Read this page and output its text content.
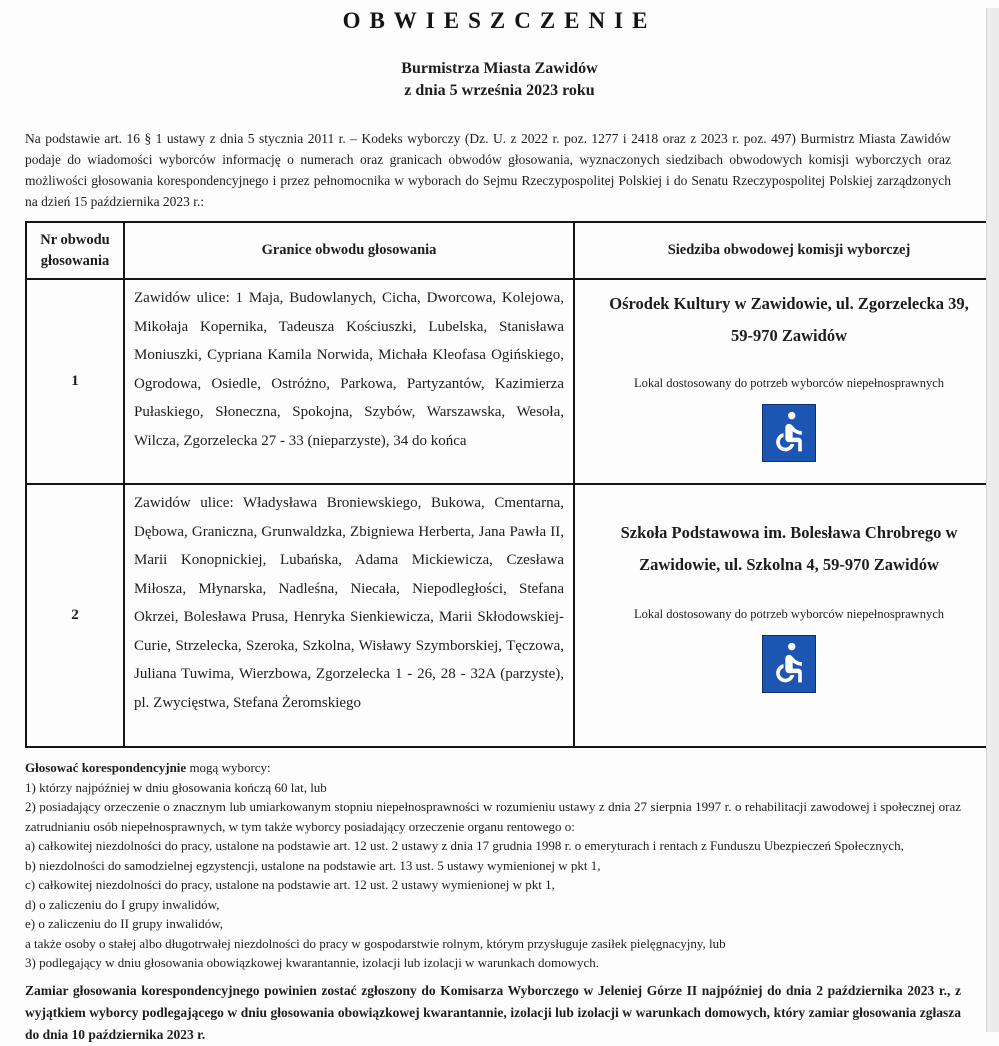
OBWIESZCZENIE
Burmistrza Miasta Zawidów
z dnia 5 września 2023 roku
Na podstawie art. 16 § 1 ustawy z dnia 5 stycznia 2011 r. – Kodeks wyborczy (Dz. U. z 2022 r. poz. 1277 i 2418 oraz z 2023 r. poz. 497) Burmistrz Miasta Zawidów podaje do wiadomości wyborców informację o numerach oraz granicach obwodów głosowania, wyznaczonych siedzibach obwodowych komisji wyborczych oraz możliwości głosowania korespondencyjnego i przez pełnomocnika w wyborach do Sejmu Rzeczypospolitej Polskiej i do Senatu Rzeczypospolitej Polskiej zarządzonych na dzień 15 października 2023 r.:
Nr obwodu głosowania	Granice obwodu głosowania	Siedziba obwodowej komisji wyborczej
1	Zawidów ulice: 1 Maja, Budowlanych, Cicha, Dworcowa, Kolejowa, Mikołaja Kopernika, Tadeusza Kościuszki, Lubelska, Stanisława Moniuszki, Cypriana Kamila Norwida, Michała Kleofasa Ogińskiego, Ogrodowa, Osiedle, Ostróżno, Parkowa, Partyzantów, Kazimierza Pułaskiego, Słoneczna, Spokojna, Szybów, Warszawska, Wesoła, Wilcza, Zgorzelecka 27 - 33 (nieparzyste), 34 do końca	Ośrodek Kultury w Zawidowie, ul. Zgorzelecka 39, 59-970 Zawidów
Lokal dostosowany do potrzeb wyborców niepełnosprawnych

2	Zawidów ulice: Władysława Broniewskiego, Bukowa, Cmentarna, Dębowa, Graniczna, Grunwaldzka, Zbigniewa Herberta, Jana Pawła II, Marii Konopnickiej, Lubańska, Adama Mickiewicza, Czesława Miłosza, Młynarska, Nadleśna, Niecała, Niepodległości, Stefana Okrzei, Bolesława Prusa, Henryka Sienkiewicza, Marii Skłodowskiej-Curie, Strzelecka, Szeroka, Szkolna, Wisławy Szymborskiej, Tęczowa, Juliana Tuwima, Wierzbowa, Zgorzelecka 1 - 26, 28 - 32A (parzyste), pl. Zwycięstwa, Stefana Żeromskiego	Szkoła Podstawowa im. Bolesława Chrobrego w Zawidowie, ul. Szkolna 4, 59-970 Zawidów
Lokal dostosowany do potrzeb wyborców niepełnosprawnych
Głosować korespondencyjnie mogą wyborcy:
1) którzy najpóźniej w dniu głosowania kończą 60 lat, lub
2) posiadający orzeczenie o znacznym lub umiarkowanym stopniu niepełnosprawności w rozumieniu ustawy z dnia 27 sierpnia 1997 r. o rehabilitacji zawodowej i społecznej oraz zatrudnianiu osób niepełnosprawnych, w tym także wyborcy posiadający orzeczenie organu rentowego o:
a) całkowitej niezdolności do pracy, ustalone na podstawie art. 12 ust. 2 ustawy z dnia 17 grudnia 1998 r. o emeryturach i rentach z Funduszu Ubezpieczeń Społecznych,
b) niezdolności do samodzielnej egzystencji, ustalone na podstawie art. 13 ust. 5 ustawy wymienionej w pkt 1,
c) całkowitej niezdolności do pracy, ustalone na podstawie art. 12 ust. 2 ustawy wymienionej w pkt 1,
d) o zaliczeniu do I grupy inwalidów,
e) o zaliczeniu do II grupy inwalidów,
a także osoby o stałej albo długotrwałej niezdolności do pracy w gospodarstwie rolnym, którym przysługuje zasiłek pielęgnacyjny, lub
3) podlegający w dniu głosowania obowiązkowej kwarantannie, izolacji lub izolacji w warunkach domowych.
Zamiar głosowania korespondencyjnego powinien zostać zgłoszony do Komisarza Wyborczego w Jeleniej Górze II najpóźniej do dnia 2 października 2023 r., z wyjątkiem wyborcy podlegającego w dniu głosowania obowiązkowej kwarantannie, izolacji lub izolacji w warunkach domowych, który zamiar głosowania zgłasza do dnia 10 października 2023 r.
